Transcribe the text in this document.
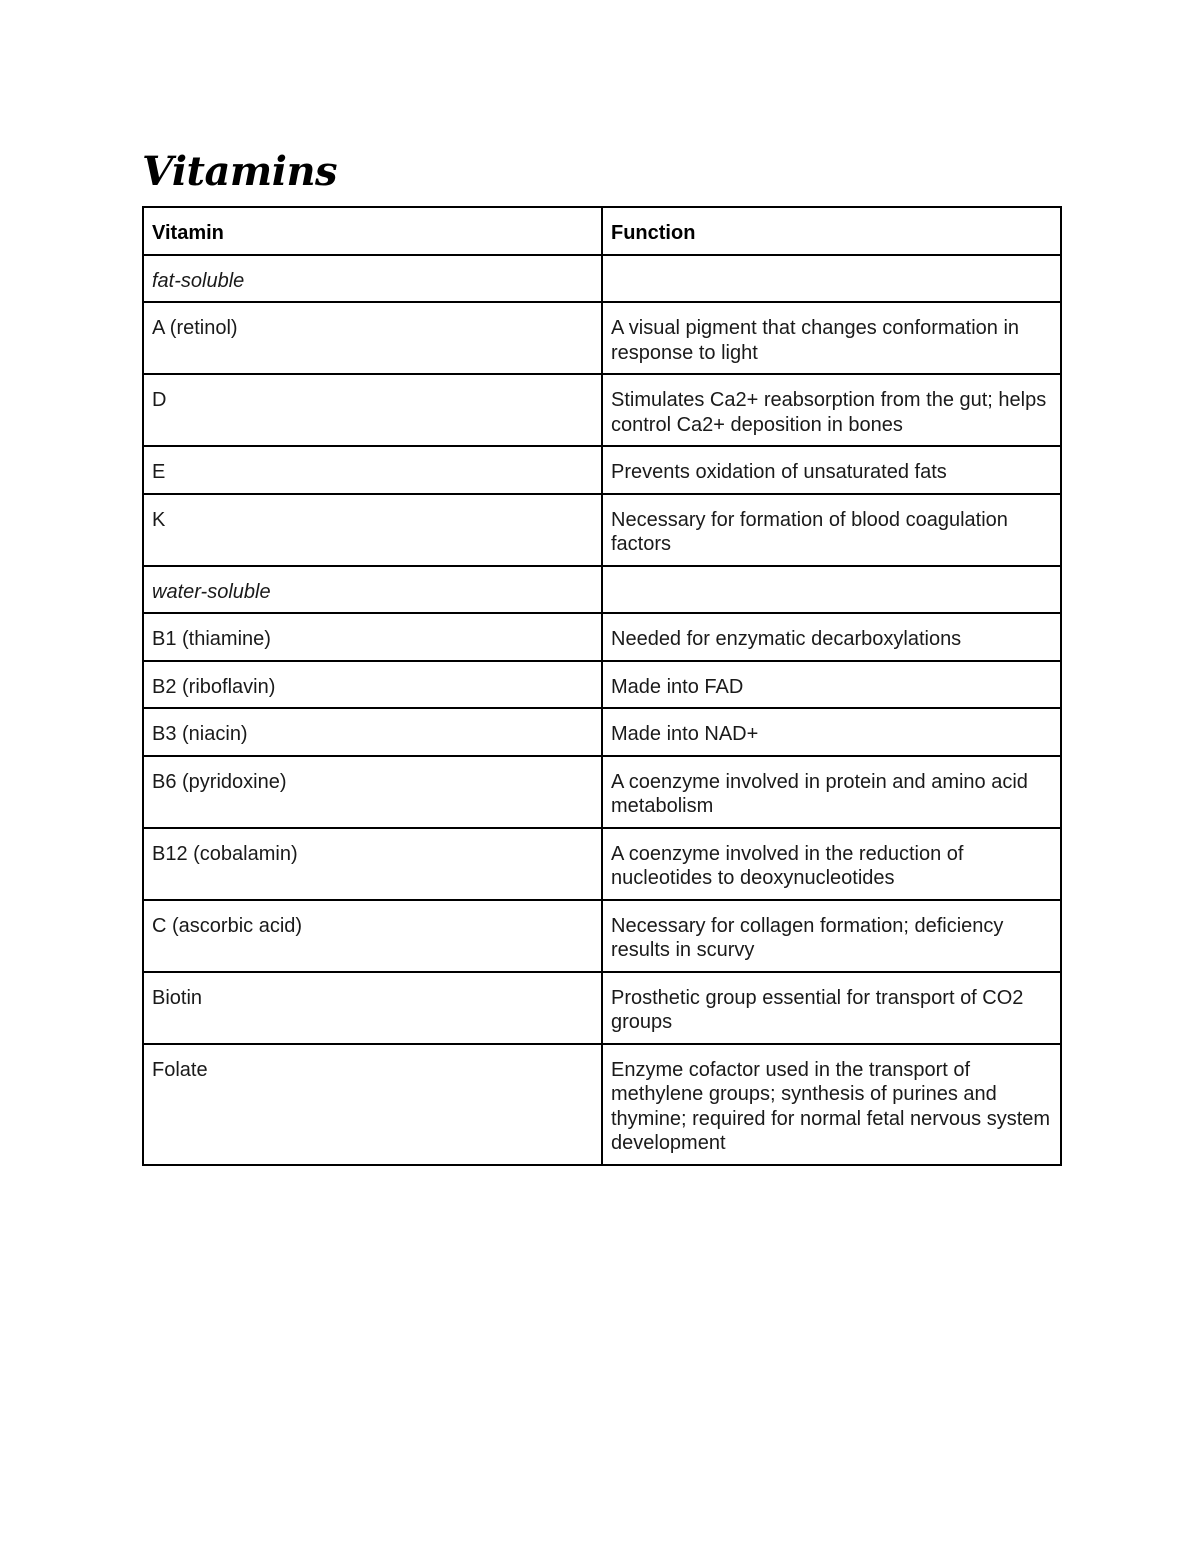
Vitamins
Vitamin	Function
fat-soluble	
A (retinol)	A visual pigment that changes conformation in response to light
D	Stimulates Ca2+ reabsorption from the gut; helps control Ca2+ deposition in bones
E	Prevents oxidation of unsaturated fats
K	Necessary for formation of blood coagulation factors
water-soluble	
B1 (thiamine)	Needed for enzymatic decarboxylations
B2 (riboflavin)	Made into FAD
B3 (niacin)	Made into NAD+
B6 (pyridoxine)	A coenzyme involved in protein and amino acid metabolism
B12 (cobalamin)	A coenzyme involved in the reduction of nucleotides to deoxynucleotides
C (ascorbic acid)	Necessary for collagen formation; deficiency results in scurvy
Biotin	Prosthetic group essential for transport of CO2 groups
Folate	Enzyme cofactor used in the transport of methylene groups; synthesis of purines and thymine; required for normal fetal nervous system development
